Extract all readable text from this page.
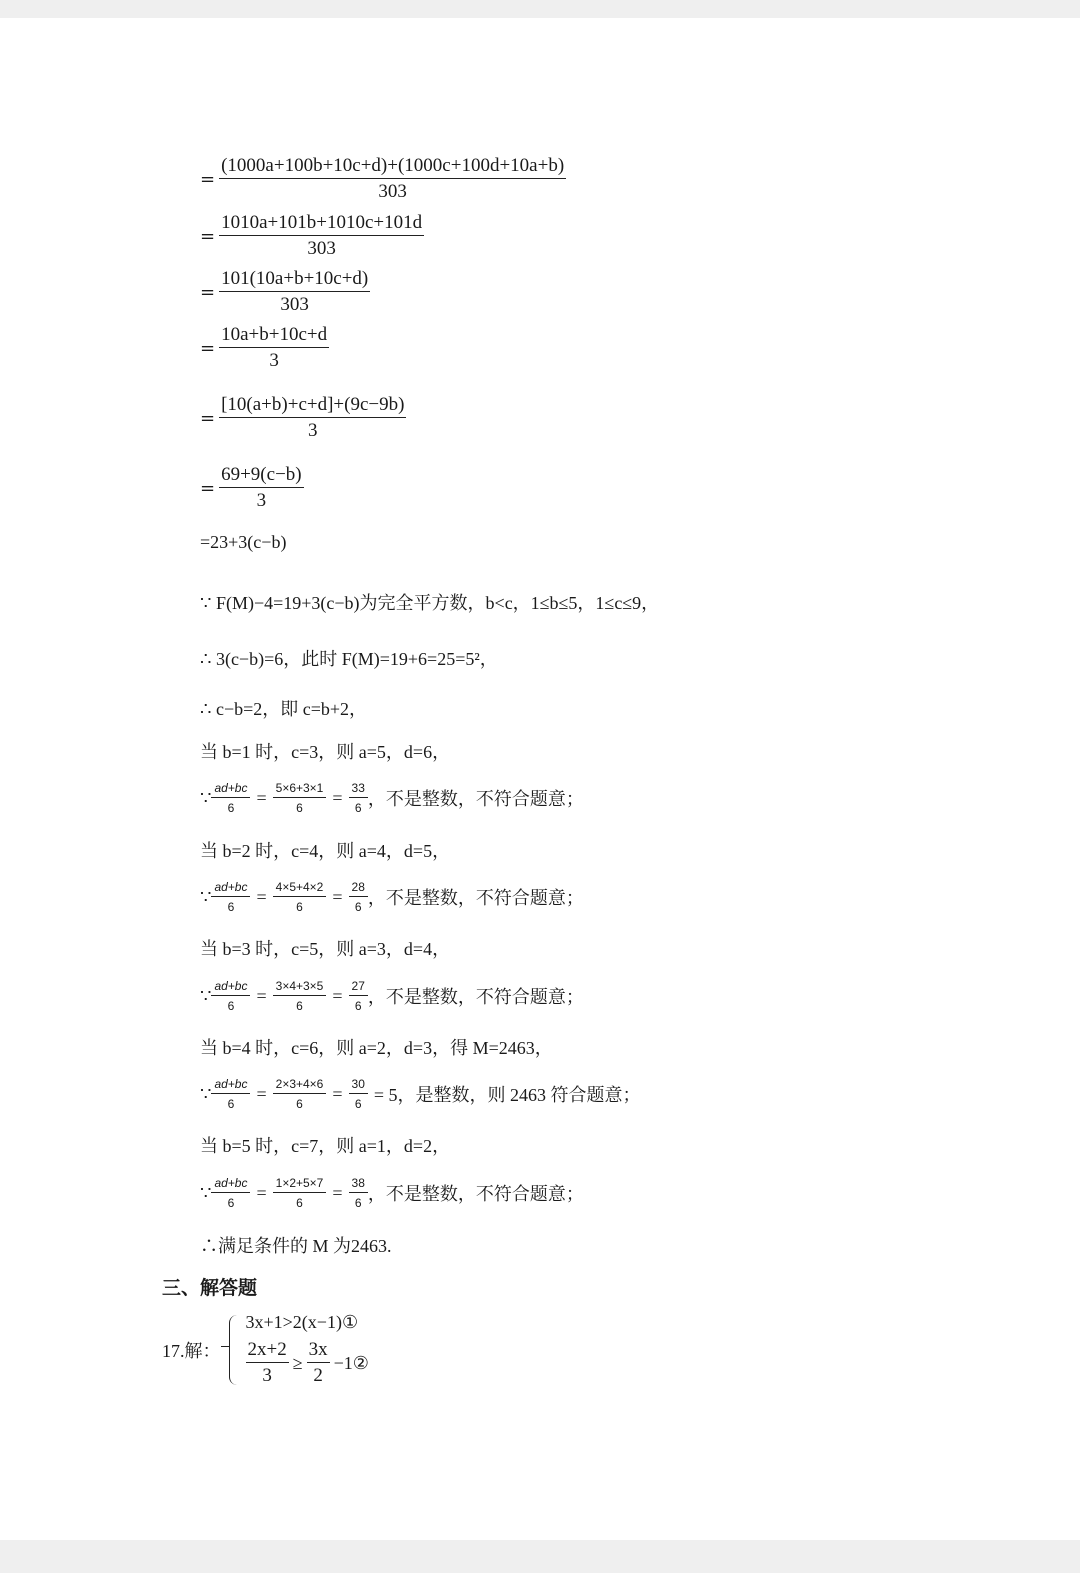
= $\frac{(1000a+100b+10c+d)+(1000c+100d+10a+b)}{303}$
= $\frac{1010a+101b+1010c+101d}{303}$
= $\frac{101(10a+b+10c+d)}{303}$
= $\frac{10a+b+10c+d}{3}$
= $\frac{[10(a+b)+c+d]+(9c-9b)}{3}$
= $\frac{69+9(c-b)}{3}$
=23+3(c−b)
∵ F(M)−4=19+3(c−b)为完全平方数，b<c，1≤b≤5，1≤c≤9，
∴ 3(c−b)=6，此时 F(M)=19+6=25=5²，
∴ c−b=2，即 c=b+2，
当 b=1 时，c=3，则 a=5，d=6，
∵ $\frac{ad+bc}{6} = \frac{5\times 6+3\times 1}{6} = \frac{33}{6}$ ，不是整数，不符合题意；
当 b=2 时，c=4，则 a=4，d=5，
∵ $\frac{ad+bc}{6} = \frac{4\times 5+4\times 2}{6} = \frac{28}{6}$ ，不是整数，不符合题意；
当 b=3 时，c=5，则 a=3，d=4，
∵ $\frac{ad+bc}{6} = \frac{3\times 4+3\times 5}{6} = \frac{27}{6}$ ，不是整数，不符合题意；
当 b=4 时，c=6，则 a=2，d=3，得 M=2463，
∵ $\frac{ad+bc}{6} = \frac{2\times 3+4\times 6}{6} = \frac{30}{6} = 5$，是整数，则 2463 符合题意；
当 b=5 时，c=7，则 a=1，d=2，
∵ $\frac{ad+bc}{6} = \frac{1\times 2+5\times 7}{6} = \frac{38}{6}$ ，不是整数，不符合题意；
∴满足条件的 M 为2463.
三、解答题
17.解：
3x+1>2(x−1)①
$\frac{2x+2}{3} \ge \frac{3x}{2}$ −1②
